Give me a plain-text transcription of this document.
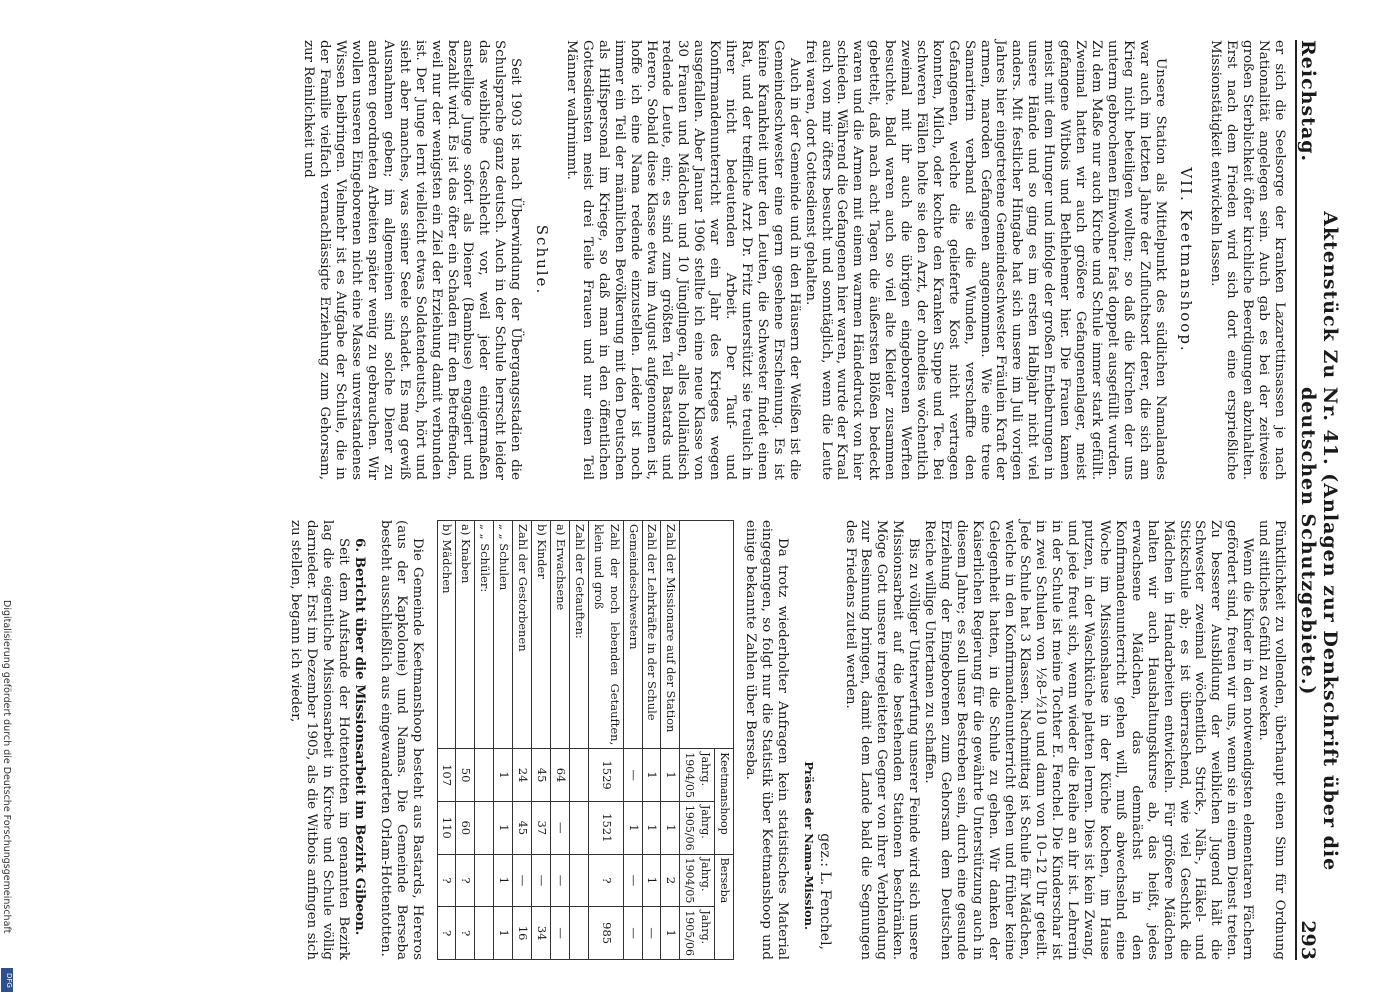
Reichstag.
Aktenstück Zu Nr. 41. (Anlagen zur Denkschrift über die deutschen Schutzgebiete.)
293

er sich die Seelsorge der kranken Lazarettinsassen je nach Nationalität angelegen sein. Auch gab es bei der zeitweise großen Sterblichkeit öfter kirchliche Beerdigungen abzuhalten. Erst nach dem Frieden wird sich dort eine ersprießliche Missionstätigkeit entwickeln lassen.

VII. Keetmanshoop.

Unsere Station als Mittelpunkt des südlichen Namalandes war auch im letzten Jahre der Zufluchtsort derer, die sich am Krieg nicht beteiligen wollten; so daß die Kirchen der uns unterm gebrochenen Einwohner fast doppelt ausgefüllt wurden. Zu dem Maße nur auch Kirche und Schule immer stark gefüllt. Zweimal hatten wir auch größere Gefangenenlager, meist gefangene Witbois und Bethlehemer hier. Die Frauen kamen meist mit dem Hunger und infolge der großen Entbehrungen in unsere Hände und so ging es im ersten Halbjahr nicht viel anders. Mit festlicher Hingabe hat sich unsere im Juli vorigen Jahres hier eingetretene Gemeindeschwester Fräulein Kraft der armen, maroden Gefangenen angenommen. Wie eine treue Samariterin verband sie die Wunden, verschaffte den Gefangenen, welche die gelieferte Kost nicht vertragen konnten, Milch, oder kochte den Kranken Suppe und Tee. Bei schweren Fällen holte sie den Arzt, der ohnedies wöchentlich zweimal mit ihr auch die übrigen eingeborenen Werften besuchte. Bald waren auch so viel alte Kleider zusammen gebettelt, daß nach acht Tagen die äußersten Blößen bedeckt waren und die Armen mit einem warmen Händedruck von hier schieden. Während die Gefangenen hier waren, wurde der Kraal auch von mir öfters besucht und sonntäglich, wenn die Leute frei waren, dort Gottesdienst gehalten.

Auch in der Gemeinde und in den Häusern der Weißen ist die Gemeindeschwester eine gern gesehene Erscheinung. Es ist keine Krankheit unter den Leuten, die Schwester findet einen Rat, und der treffliche Arzt Dr. Fritz unterstützt sie treulich in ihrer nicht bedeutenden Arbeit. Der Tauf- und Konfirmandenunterricht war ein Jahr des Krieges wegen ausgefallen. Aber Januar 1906 stellte ich eine neue Klasse von 30 Frauen und Mädchen und 10 Jünglingen, alles holländisch redende Leute, ein; es sind zum größten Teil Bastards und Herero. Sobald diese Klasse etwa im August aufgenommen ist, hoffe ich eine Nama redende einzustellen. Leider ist noch immer ein Teil der männlichen Bevölkerung mit den Deutschen als Hilfspersonal im Kriege, so daß man in den öffentlichen Gottesdiensten meist drei Teile Frauen und nur einen Teil Männer wahrnimmt.

Schule.

Seit 1903 ist nach Überwindung der Übergangsstadien die Schulsprache ganz deutsch. Auch in der Schule herrscht leider das weibliche Geschlecht vor, weil jeder einigermaßen anstellige Junge sofort als Diener (Bambuse) engagiert und bezahlt wird. Es ist das öfter ein Schaden für den Betreffenden, weil nur der wenigsten ein Ziel der Erziehung damit verbunden ist. Der Junge lernt vielleicht etwas Soldatendeutsch, hört und sieht aber manches, was seiner Seele schadet. Es mag gewiß Ausnahmen geben; im allgemeinen sind solche Diener zu anderen geordneten Arbeiten später wenig zu gebrauchen. Wir wollen unseren Eingeborenen nicht eine Masse unverstandenes Wissen beibringen. Vielmehr ist es Aufgabe der Schule, die in der Familie vielfach vernachlässigte Erziehung zum Gehorsam, zur Reinlichkeit und

Pünktlichkeit zu vollenden, überhaupt einen Sinn für Ordnung und sittliches Gefühl zu wecken.

Wenn die Kinder in den notwendigsten elementaren Fächern gefördert sind, freuen wir uns, wenn sie in einem Dienst treten. Zu besserer Ausbildung der weiblichen Jugend hält die Schwester zweimal wöchentlich Strick-, Näh-, Häkel- und Stickschule ab; es ist überraschend, wie viel Geschick die Mädchen in Handarbeiten entwickeln. Für größere Mädchen halten wir auch Haushaltungskurse ab, das heißt, jedes erwachsene Mädchen, das demnächst in den Konfirmandenunterricht gehen will, muß abwechselnd eine Woche im Missionshause in der Küche kochen, im Hause putzen, in der Waschküche platten lernen. Dies ist kein Zwang, und jede freut sich, wenn wieder die Reihe an ihr ist. Lehrerin in der Schule ist meine Tochter E. Fenchel. Die Kinderschar ist in zwei Schulen von ½8–½10 und dann von 10–12 Uhr geteilt. Jede Schule hat 3 Klassen. Nachmittag ist Schule für Mädchen, welche in den Konfirmandenunterricht gehen und früher keine Gelegenheit hatten, in die Schule zu gehen. Wir danken der Kaiserlichen Regierung für die gewährte Unterstützung auch in diesem Jahre; es soll unser Bestreben sein, durch eine gesunde Erziehung der Eingeborenen zum Gehorsam dem Deutschen Reiche willige Untertanen zu schaffen.

Bis zu völliger Unterwerfung unserer Feinde wird sich unsere Missionsarbeit auf die bestehenden Stationen beschränken. Möge Gott unsere irregeleiteten Gegner von ihrer Verblendung zur Besinnung bringen, damit dem Lande bald die Segnungen des Friedens zuteil werden.

gez.: L. Fenchel,
Präses der Nama-Mission.

Da trotz wiederholter Anfragen kein statistisches Material eingegangen, so folgt nur die Statistik über Keetmanshoop und einige bekannte Zahlen über Berseba.

	Keetmanshoop		Berseba	
	Jahrg. 1904/05	Jahrg. 1905/06	Jahrg. 1904/05	Jahrg. 1905/06
Zahl der Missionare auf der Station	1	1	2	1
Zahl der Lehrkräfte in der Schule	1	1	1	—
Gemeindeschwestern	—	1	—	—
Zahl der noch lebenden Getauften, klein und groß	1529	1521	?	985
Zahl der Getauften:				
a) Erwachsene	64	—	—	—
b) Kinder	45	37	—	34
Zahl der Gestorbenen	24	45	—	16
„ „ Schulen	1	1	1	1
„ „ Schüler:				
a) Knaben	50	60	?	?
b) Mädchen	107	110	?	?

Die Gemeinde Keetmanshoop besteht aus Bastards, Hereros (aus der Kapkolonie) und Namas. Die Gemeinde Berseba besteht ausschließlich aus eingewanderten Orlam-Hottentotten.

6. Bericht über die Missionsarbeit im Bezirk Gibeon.

Seit dem Aufstande der Hottentotten im genannten Bezirk lag die eigentliche Missionsarbeit in Kirche und Schule völlig darnieder. Erst im Dezember 1905, als die Witbois anfingen sich zu stellen, begann ich wieder,

Digitalisierung gefördert durch die Deutsche Forschungsgemeinschaft
DFG
